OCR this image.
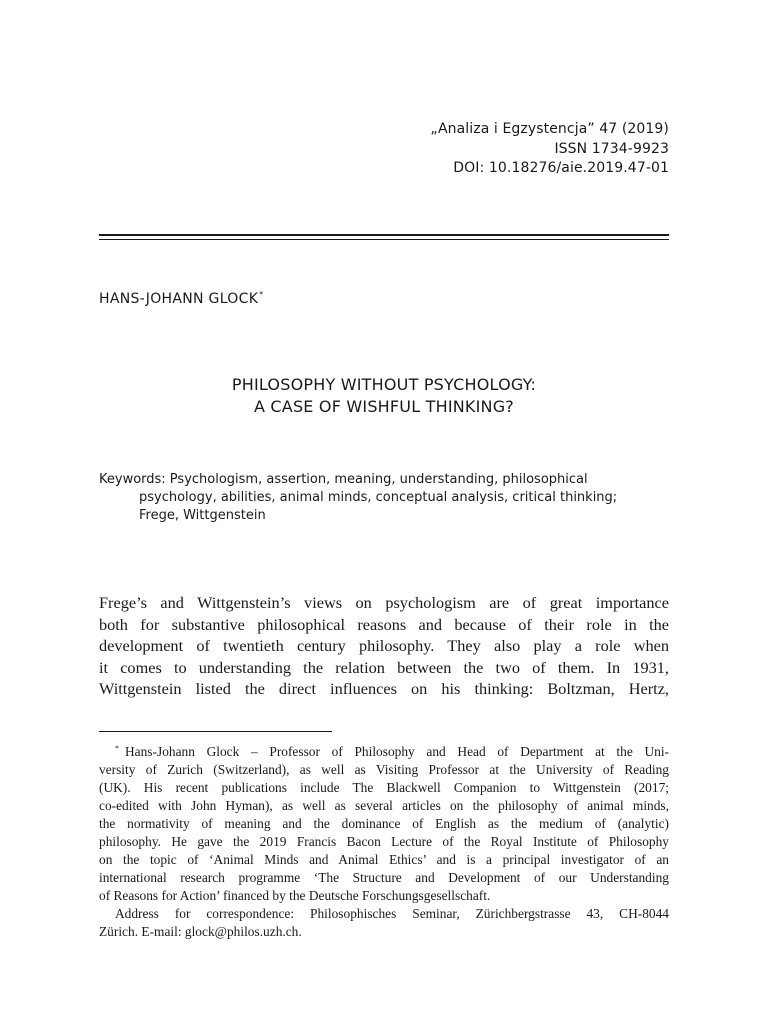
„Analiza i Egzystencja” 47 (2019)
ISSN 1734-9923
DOI: 10.18276/aie.2019.47-01
HANS-JOHANN GLOCK*
PHILOSOPHY WITHOUT PSYCHOLOGY:
A CASE OF WISHFUL THINKING?
Keywords: Psychologism, assertion, meaning, understanding, philosophical
psychology, abilities, animal minds, conceptual analysis, critical thinking;
Frege, Wittgenstein
Frege’s and Wittgenstein’s views on psychologism are of great importance
both for substantive philosophical reasons and because of their role in the
development of twentieth century philosophy. They also play a role when
it comes to understanding the relation between the two of them. In 1931,
Wittgenstein listed the direct influences on his thinking: Boltzman, Hertz,
* Hans-Johann Glock – Professor of Philosophy and Head of Department at the Uni-
versity of Zurich (Switzerland), as well as Visiting Professor at the University of Reading
(UK). His recent publications include The Blackwell Companion to Wittgenstein (2017;
co-edited with John Hyman), as well as several articles on the philosophy of animal minds,
the normativity of meaning and the dominance of English as the medium of (analytic)
philosophy. He gave the 2019 Francis Bacon Lecture of the Royal Institute of Philosophy
on the topic of ‘Animal Minds and Animal Ethics’ and is a principal investigator of an
international research programme ‘The Structure and Development of our Understanding
of Reasons for Action’ financed by the Deutsche Forschungsgesellschaft.
Address for correspondence: Philosophisches Seminar, Zürichbergstrasse 43, CH-8044
Zürich. E-mail: glock@philos.uzh.ch.
